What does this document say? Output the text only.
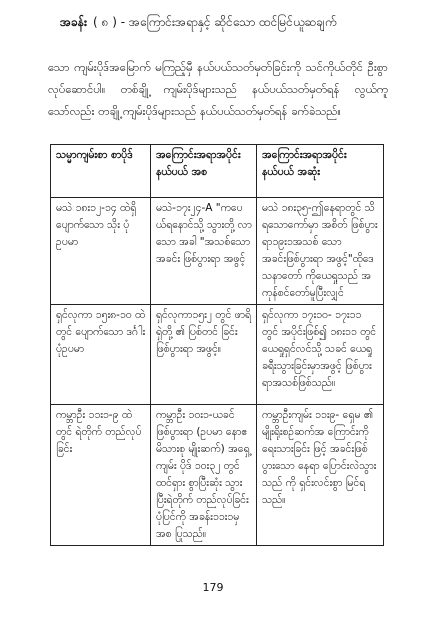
အခန်း ( ၈ ) - အကြောင်းအရာနှင့် ဆိုင်သော ထင်မြင်ယူဆချက်
သော ကျမ်းပိုဒ်အမြောက် မကြည့်မှီ နယ်ပယ်သတ်မှတ်ခြင်းကို သင်ကိုယ်တိုင် ဦးစွာလုပ်ဆောင်ပါ။ တစ်ချို့ ကျမ်းပိုဒ်များသည် နယ်ပယ်သတ်မှတ်ရန် လွယ်ကူသော်လည်း တချို့ ကျမ်းပိုဒ်များသည် နယ်ပယ်သတ်မှတ်ရန် ခက်ခဲသည်။
သမ္မာကျမ်းစာ စာပိုဒ်	အကြောင်းအရာအပိုင်း နယ်ပယ် အစ	အကြောင်းအရာအပိုင်း နယ်ပယ် အဆုံး
မသဲ ၁၈း၁၂-၁၄ ထဲရှိ ပျောက်သော သိုး ပုံဥပမာ	မသဲ-၁၇း၂၄-A "ကပေယ်ရနောင်သို့ သွားတို့ လာသော အခါ "အသစ်သော အခင်း ဖြစ်ပွားရာ အဖွင့်	မသဲ ၁၈း၃၅-ဤနေရာတွင် သိရသောကော်မှာ အစိတ် ဖြစ်ပွားရာ၁၉း၁အသစ် သော အခင်းဖြစ်ပွားရာ အဖွင့်"ထိုဒေ သနာတော် ကိုယေရှုသည် အ ကုန်စင်တော်မူပြီးလျှင်
ရှင်လုကာ ၁၅း၈-၁၀ ထဲတွင် ပျောက်သော ဒင်္ဂါး ပုံဥပမာ	ရှင်လုကာ၁၅း၂ တွင် ဖာရိရှဲတို့ ၏ ပြစ်တင် ခြင်း ဖြစ်ပွားရာ အဖွင့်။	ရှင်လုကာ ၁၇း၁၀- ၁၇း၁၁ တွင် အပိုင်းဖြစ်၍ ၁၈း၁၁ တွင် ယေရှုရှင်လင်သို့ သခင် ယေရှုခရီးသွားခြင်းမှာအဖွင့် ဖြစ်ပွားရာအသစ်ဖြစ်သည်။
ကမ္ဘာဦး ၁၁း၁-၉ ထဲတွင် ရဲတိုက် တည်လုပ်ခြင်း	ကမ္ဘာဦး ၁၀း၁-ယခင် ဖြစ်ပွားရာ (ဥပမာ နောဧ မိသားစု မျိုးဆက်) အရှေ့ ကျမ်း ပိုဒ် ၁၀း၃၂ တွင် ထင်ရှား စွာပြီးဆုံး သွား ပြီးရဲတိုက် တည်လုပ်ခြင်း ပုံပြင်ကို အခန်း၁၁း၁မှ အစ ပြုသည်။	ကမ္ဘာဦးကျမ်း ၁၁း၉- ရှေမ ၏ မျိုးရိုးစဉ်ဆက်အ ကြောင်းကို ရေးသားခြင်း ဖြင့် အခင်းဖြစ်ပွားသော နေရာ ပြောင်းလဲသွားသည် ကို ရှင်းလင်းစွာ မြင်ရသည်။
179
